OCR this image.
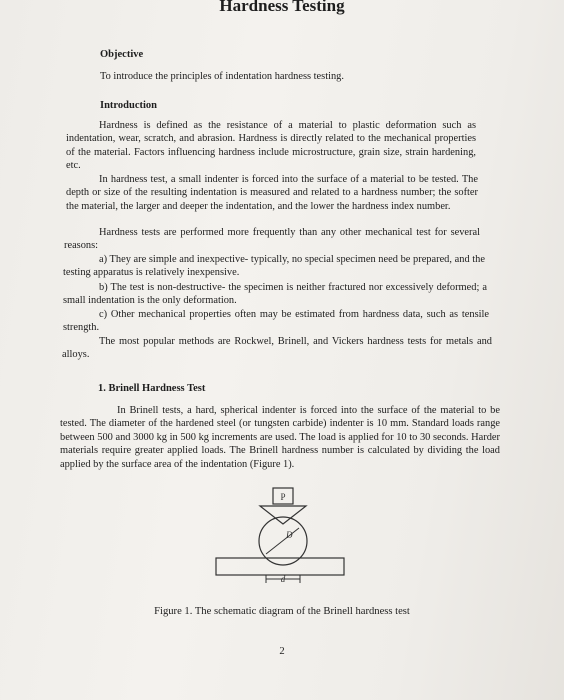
Hardness Testing
Objective

To introduce the principles of indentation hardness testing.

Introduction

Hardness is defined as the resistance of a material to plastic deformation such as indentation, wear, scratch, and abrasion. Hardness is directly related to the mechanical properties of the material. Factors influencing hardness include microstructure, grain size, strain hardening, etc.

In hardness test, a small indenter is forced into the surface of a material to be tested. The depth or size of the resulting indentation is measured and related to a hardness number; the softer the material, the larger and deeper the indentation, and the lower the hardness index number.

Hardness tests are performed more frequently than any other mechanical test for several reasons:

a) They are simple and inexpective- typically, no special specimen need be prepared, and the testing apparatus is relatively inexpensive.

b) The test is non-destructive- the specimen is neither fractured nor excessively deformed; a small indentation is the only deformation.

c) Other mechanical properties often may be estimated from hardness data, such as tensile strength.

The most popular methods are Rockwel, Brinell, and Vickers hardness tests for metals and alloys.

1. Brinell Hardness Test

In Brinell tests, a hard, spherical indenter is forced into the surface of the material to be tested. The diameter of the hardened steel (or tungsten carbide) indenter is 10 mm. Standard loads range between 500 and 3000 kg in 500 kg increments are used. The load is applied for 10 to 30 seconds. Harder materials require greater applied loads. The Brinell hardness number is calculated by dividing the load applied by the surface area of the indentation (Figure 1).

P
D
d
Figure 1. The schematic diagram of the Brinell hardness test
2
